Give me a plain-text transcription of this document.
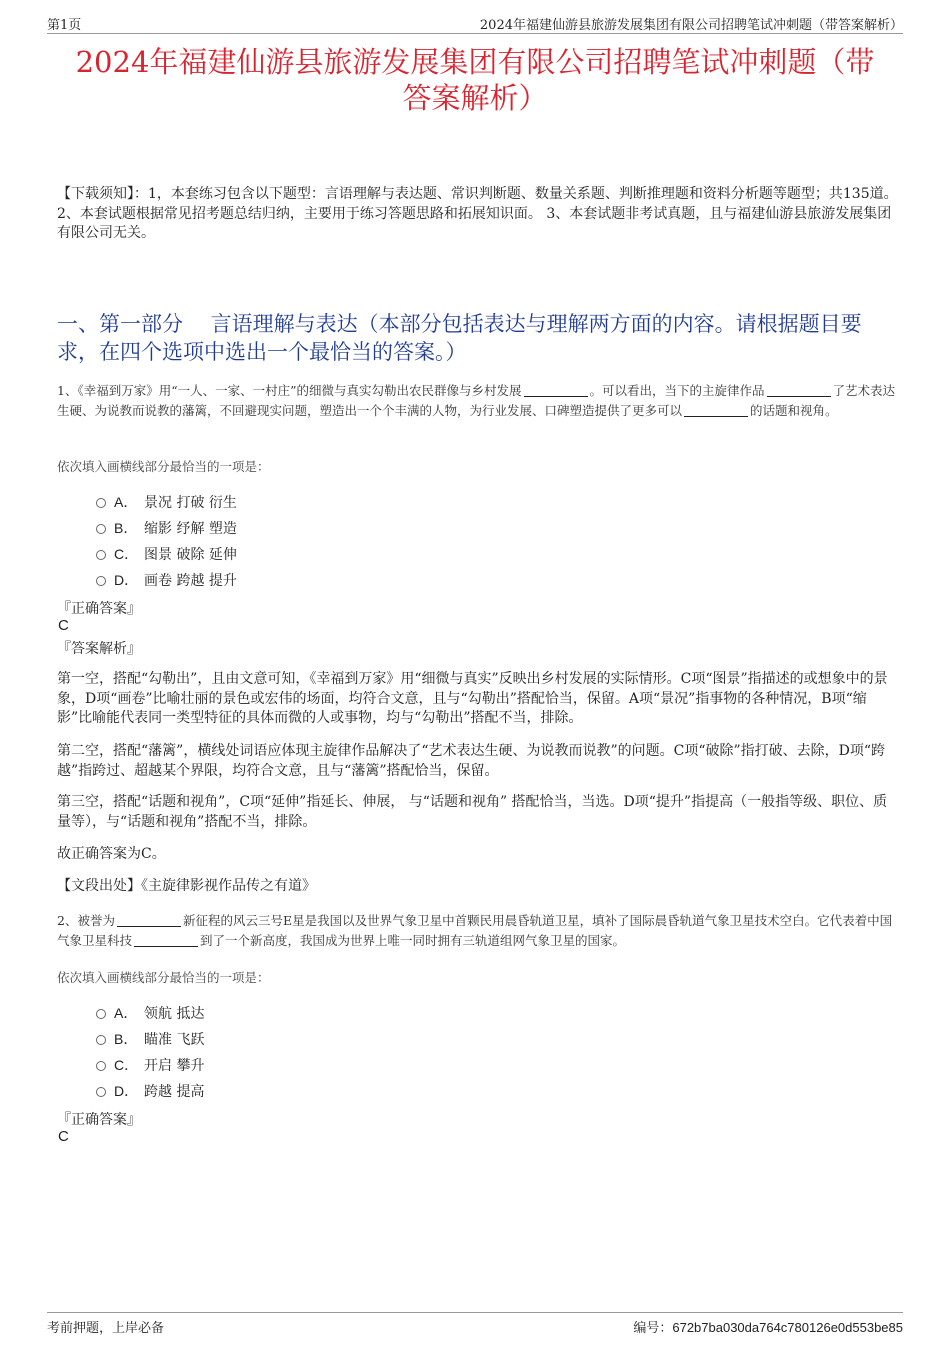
第1页	2024年福建仙游县旅游发展集团有限公司招聘笔试冲刺题（带答案解析）
2024年福建仙游县旅游发展集团有限公司招聘笔试冲刺题（带
答案解析）
【下载须知】：1，本套练习包含以下题型：言语理解与表达题、常识判断题、数量关系题、判断推理题和资料分析题等题型；共135道。 2、本套试题根据常见招考题总结归纳，主要用于练习答题思路和拓展知识面。 3、本套试题非考试真题，且与福建仙游县旅游发展集团有限公司无关。
一、第一部分　 言语理解与表达（本部分包括表达与理解两方面的内容。请根据题目要求，在四个选项中选出一个最恰当的答案。）
1、《幸福到万家》用“一人、一家、一村庄”的细微与真实勾勒出农民群像与乡村发展	。可以看出，当下的主旋律作品	了艺术表达生硬、为说教而说教的藩篱，不回避现实问题，塑造出一个个丰满的人物，为行业发展、口碑塑造提供了更多可以	的话题和视角。
依次填入画横线部分最恰当的一项是：
A． 景况 打破 衍生
B． 缩影 纾解 塑造
C． 图景 破除 延伸
D． 画卷 跨越 提升
『正确答案』
C
『答案解析』
第一空，搭配“勾勒出”，且由文意可知，《幸福到万家》用“细微与真实”反映出乡村发展的实际情形。C项“图景”指描述的或想象中的景象，D项“画卷”比喻壮丽的景色或宏伟的场面，均符合文意，且与“勾勒出”搭配恰当，保留。A项“景况”指事物的各种情况，B项“缩影”比喻能代表同一类型特征的具体而微的人或事物，均与“勾勒出”搭配不当，排除。
第二空，搭配“藩篱”，横线处词语应体现主旋律作品解决了“艺术表达生硬、为说教而说教”的问题。C项“破除”指打破、去除，D项“跨越”指跨过、超越某个界限，均符合文意，且与“藩篱”搭配恰当，保留。
第三空，搭配“话题和视角”，C项“延伸”指延长、伸展， 与“话题和视角” 搭配恰当，当选。D项“提升”指提高（一般指等级、职位、质量等），与“话题和视角”搭配不当，排除。
故正确答案为C。
【文段出处】《主旋律影视作品传之有道》
2、被誉为	新征程的风云三号E星是我国以及世界气象卫星中首颗民用晨昏轨道卫星，填补了国际晨昏轨道气象卫星技术空白。它代表着中国气象卫星科技	到了一个新高度，我国成为世界上唯一同时拥有三轨道组网气象卫星的国家。
依次填入画横线部分最恰当的一项是：
A． 领航 抵达
B． 瞄准 飞跃
C． 开启 攀升
D． 跨越 提高
『正确答案』
C
考前押题，上岸必备	编号：672b7ba030da764c780126e0d553be85
